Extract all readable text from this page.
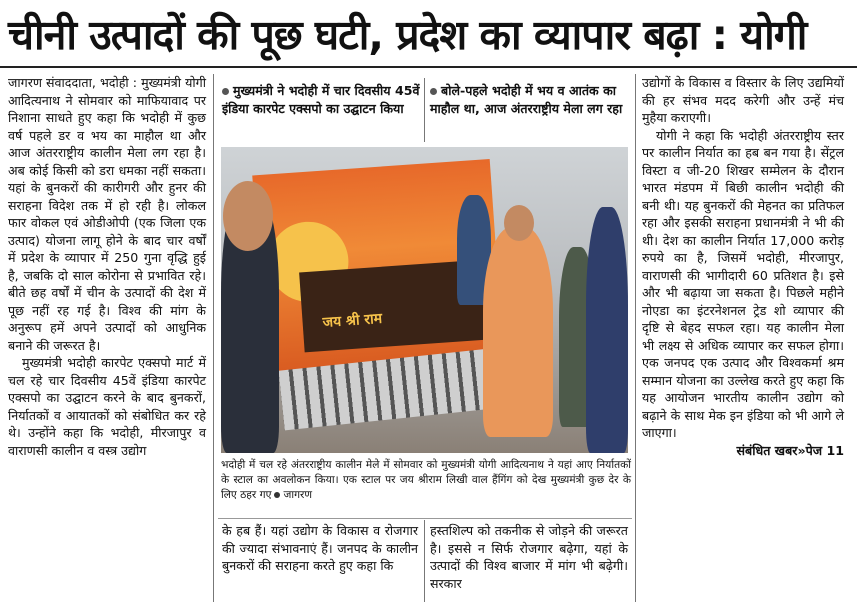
चीनी उत्पादों की पूछ घटी, प्रदेश का व्यापार बढ़ा : योगी

जागरण संवाददाता, भदोही : मुख्यमंत्री योगी आदित्यनाथ ने सोमवार को माफियावाद पर निशाना साधते हुए कहा कि भदोही में कुछ वर्ष पहले डर व भय का माहौल था और आज अंतरराष्ट्रीय कालीन मेला लग रहा है। अब कोई किसी को डरा धमका नहीं सकता। यहां के बुनकरों की कारीगरी और हुनर की सराहना विदेश तक में हो रही है। लोकल फार वोकल एवं ओडीओपी (एक जिला एक उत्पाद) योजना लागू होने के बाद चार वर्षों में प्रदेश के व्यापार में 250 गुना वृद्धि हुई है, जबकि दो साल कोरोना से प्रभावित रहे। बीते छह वर्षों में चीन के उत्पादों की देश में पूछ नहीं रह गई है। विश्व की मांग के अनुरूप हमें अपने उत्पादों को आधुनिक बनाने की जरूरत है।

मुख्यमंत्री भदोही कारपेट एक्सपो मार्ट में चल रहे चार दिवसीय 45वें इंडिया कारपेट एक्सपो का उद्घाटन करने के बाद बुनकरों, निर्यातकों व आयातकों को संबोधित कर रहे थे। उन्होंने कहा कि भदोही, मीरजापुर व वाराणसी कालीन व वस्त्र उद्योग

मुख्यमंत्री ने भदोही में चार दिवसीय 45वें इंडिया कारपेट एक्सपो का उद्घाटन किया
बोले-पहले भदोही में भय व आतंक का माहौल था, आज अंतरराष्ट्रीय मेला लग रहा
जय श्री राम
भदोही में चल रहे अंतरराष्ट्रीय कालीन मेले में सोमवार को मुख्यमंत्री योगी आदित्यनाथ ने यहां आए निर्यातकों के स्टाल का अवलोकन किया। एक स्टाल पर जय श्रीराम लिखी वाल हैंगिंग को देख मुख्यमंत्री कुछ देर के लिए ठहर गए जागरण

के हब हैं। यहां उद्योग के विकास व रोजगार की ज्यादा संभावनाएं हैं। जनपद के कालीन बुनकरों की सराहना करते हुए कहा कि

हस्तशिल्प को तकनीक से जोड़ने की जरूरत है। इससे न सिर्फ रोजगार बढ़ेगा, यहां के उत्पादों की विश्व बाजार में मांग भी बढ़ेगी। सरकार

उद्योगों के विकास व विस्तार के लिए उद्यमियों की हर संभव मदद करेगी और उन्हें मंच मुहैया कराएगी।

योगी ने कहा कि भदोही अंतरराष्ट्रीय स्तर पर कालीन निर्यात का हब बन गया है। सेंट्रल विस्टा व जी-20 शिखर सम्मेलन के दौरान भारत मंडपम में बिछी कालीन भदोही की बनी थी। यह बुनकरों की मेहनत का प्रतिफल रहा और इसकी सराहना प्रधानमंत्री ने भी की थी। देश का कालीन निर्यात 17,000 करोड़ रुपये का है, जिसमें भदोही, मीरजापुर, वाराणसी की भागीदारी 60 प्रतिशत है। इसे और भी बढ़ाया जा सकता है। पिछले महीने नोएडा का इंटरनेशनल ट्रेड शो व्यापार की दृष्टि से बेहद सफल रहा। यह कालीन मेला भी लक्ष्य से अधिक व्यापार कर सफल होगा। एक जनपद एक उत्पाद और विश्वकर्मा श्रम सम्मान योजना का उल्लेख करते हुए कहा कि यह आयोजन भारतीय कालीन उद्योग को बढ़ाने के साथ मेक इन इंडिया को भी आगे ले जाएगा।

संबंधित खबर»पेज 11
